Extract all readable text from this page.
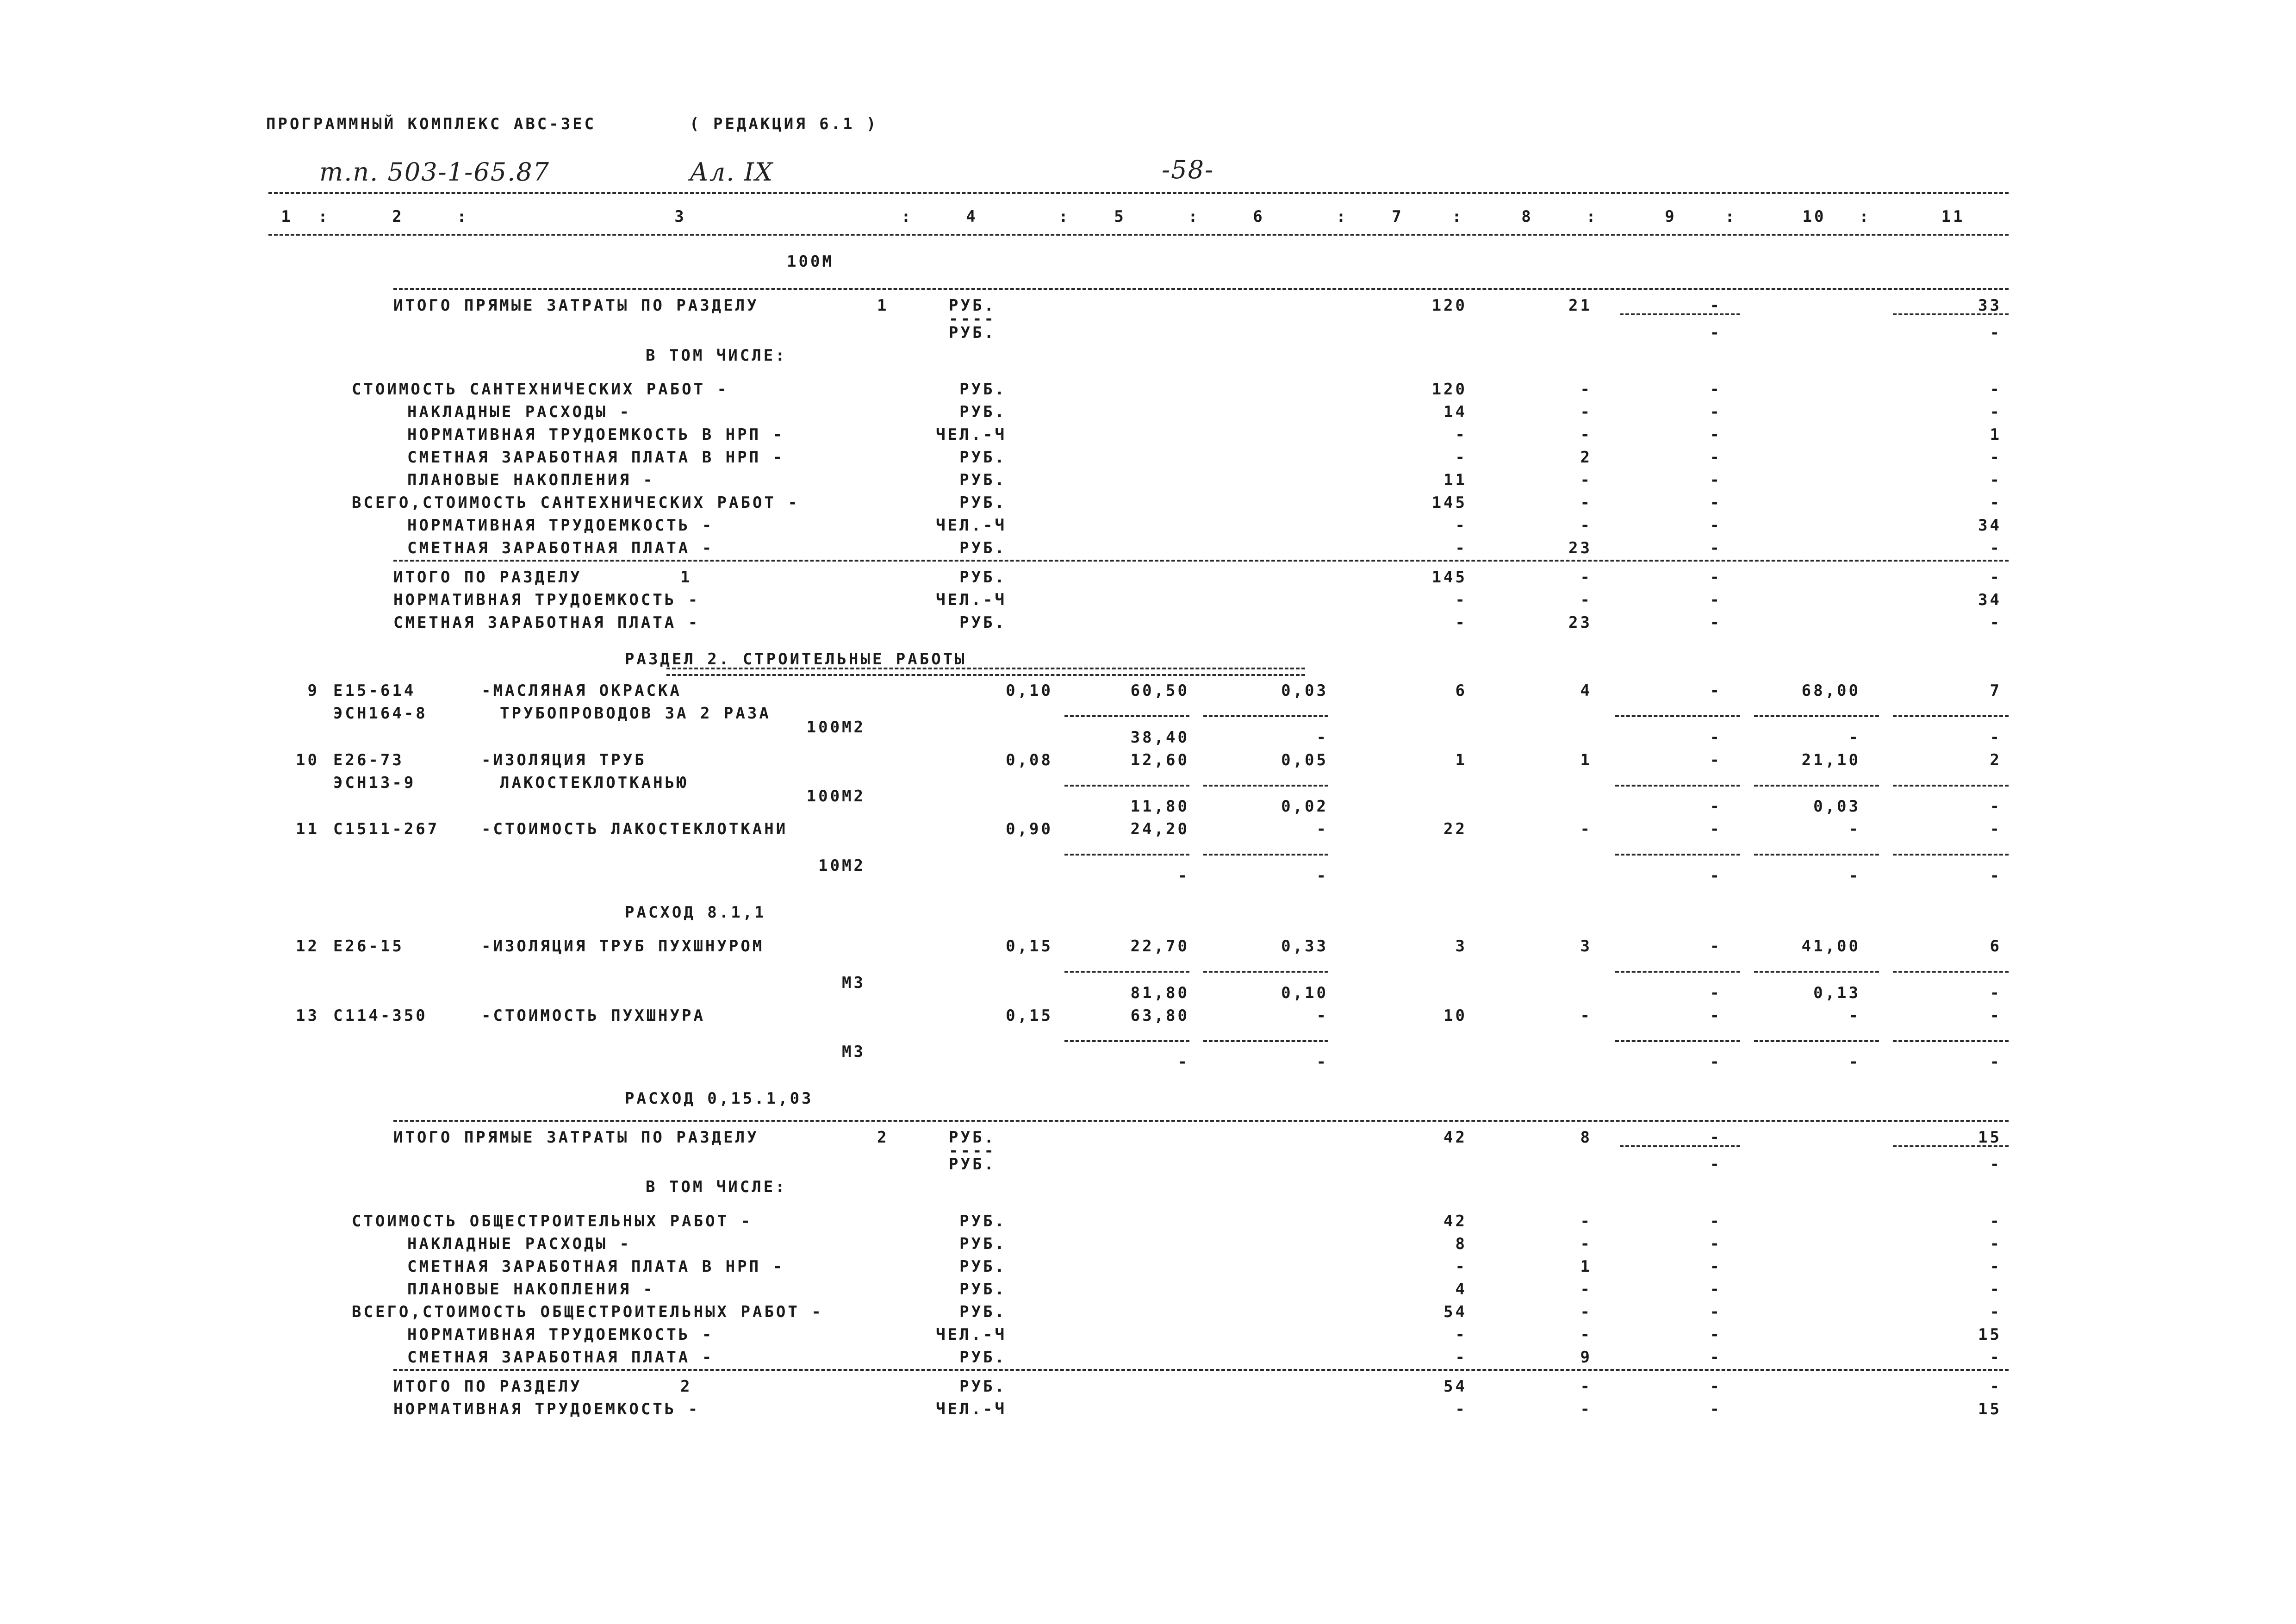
ПРОГРАММНЫЙ КОМПЛЕКС АВС-3ЕС	( РЕДАКЦИЯ 6.1 )
т.п. 503-1-65.87	Ал. IX	-58-
1	:	2	:	3	:	4	:	5	:	6	:	7	:	8	:	9	:	10	:	11
100М
ИТОГО ПРЯМЫЕ ЗАТРАТЫ ПО РАЗДЕЛУ	1	РУБ.	120	21	-	33
----
РУБ.	-	-
В ТОМ ЧИСЛЕ:
СТОИМОСТЬ САНТЕХНИЧЕСКИХ РАБОТ -	РУБ.	120	-	-	-
НАКЛАДНЫЕ РАСХОДЫ -	РУБ.	14	-	-	-
НОРМАТИВНАЯ ТРУДОЕМКОСТЬ В НРП -	ЧЕЛ.-Ч	-	-	-	1
СМЕТНАЯ ЗАРАБОТНАЯ ПЛАТА В НРП -	РУБ.	-	2	-	-
ПЛАНОВЫЕ НАКОПЛЕНИЯ -	РУБ.	11	-	-	-
ВСЕГО,СТОИМОСТЬ САНТЕХНИЧЕСКИХ РАБОТ -	РУБ.	145	-	-	-
НОРМАТИВНАЯ ТРУДОЕМКОСТЬ -	ЧЕЛ.-Ч	-	-	-	34
СМЕТНАЯ ЗАРАБОТНАЯ ПЛАТА -	РУБ.	-	23	-	-
ИТОГО ПО РАЗДЕЛУ	1	РУБ.	145	-	-	-
НОРМАТИВНАЯ ТРУДОЕМКОСТЬ -	ЧЕЛ.-Ч	-	-	-	34
СМЕТНАЯ ЗАРАБОТНАЯ ПЛАТА -	РУБ.	-	23	-	-
РАЗДЕЛ 2. СТРОИТЕЛЬНЫЕ РАБОТЫ
9 Е15-614	-МАСЛЯНАЯ ОКРАСКА	0,10	60,50	0,03	6	4	-	68,00	7
ЭСН164-8	ТРУБОПРОВОДОВ ЗА 2 РАЗА
100М2
38,40	-	-	-	-
10 Е26-73	-ИЗОЛЯЦИЯ ТРУБ	0,08	12,60	0,05	1	1	-	21,10	2
ЭСН13-9	ЛАКОСТЕКЛОТКАНЬЮ
100М2
11,80	0,02	-	0,03	-
11 С1511-267	-СТОИМОСТЬ ЛАКОСТЕКЛОТКАНИ	0,90	24,20	-	22	-	-	-	-
10М2
-	-	-	-	-
РАСХОД 8.1,1
12 Е26-15	-ИЗОЛЯЦИЯ ТРУБ ПУХШНУРОМ	0,15	22,70	0,33	3	3	-	41,00	6
М3
81,80	0,10	-	0,13	-
13 С114-350	-СТОИМОСТЬ ПУХШНУРА	0,15	63,80	-	10	-	-	-	-
М3
-	-	-	-	-
РАСХОД 0,15.1,03
ИТОГО ПРЯМЫЕ ЗАТРАТЫ ПО РАЗДЕЛУ	2	РУБ.	42	8	-	15
----
РУБ.	-	-
В ТОМ ЧИСЛЕ:
СТОИМОСТЬ ОБЩЕСТРОИТЕЛЬНЫХ РАБОТ -	РУБ.	42	-	-	-
НАКЛАДНЫЕ РАСХОДЫ -	РУБ.	8	-	-	-
СМЕТНАЯ ЗАРАБОТНАЯ ПЛАТА В НРП -	РУБ.	-	1	-	-
ПЛАНОВЫЕ НАКОПЛЕНИЯ -	РУБ.	4	-	-	-
ВСЕГО,СТОИМОСТЬ ОБЩЕСТРОИТЕЛЬНЫХ РАБОТ -	РУБ.	54	-	-	-
НОРМАТИВНАЯ ТРУДОЕМКОСТЬ -	ЧЕЛ.-Ч	-	-	-	15
СМЕТНАЯ ЗАРАБОТНАЯ ПЛАТА -	РУБ.	-	9	-	-
ИТОГО ПО РАЗДЕЛУ	2	РУБ.	54	-	-	-
НОРМАТИВНАЯ ТРУДОЕМКОСТЬ -	ЧЕЛ.-Ч	-	-	-	15
